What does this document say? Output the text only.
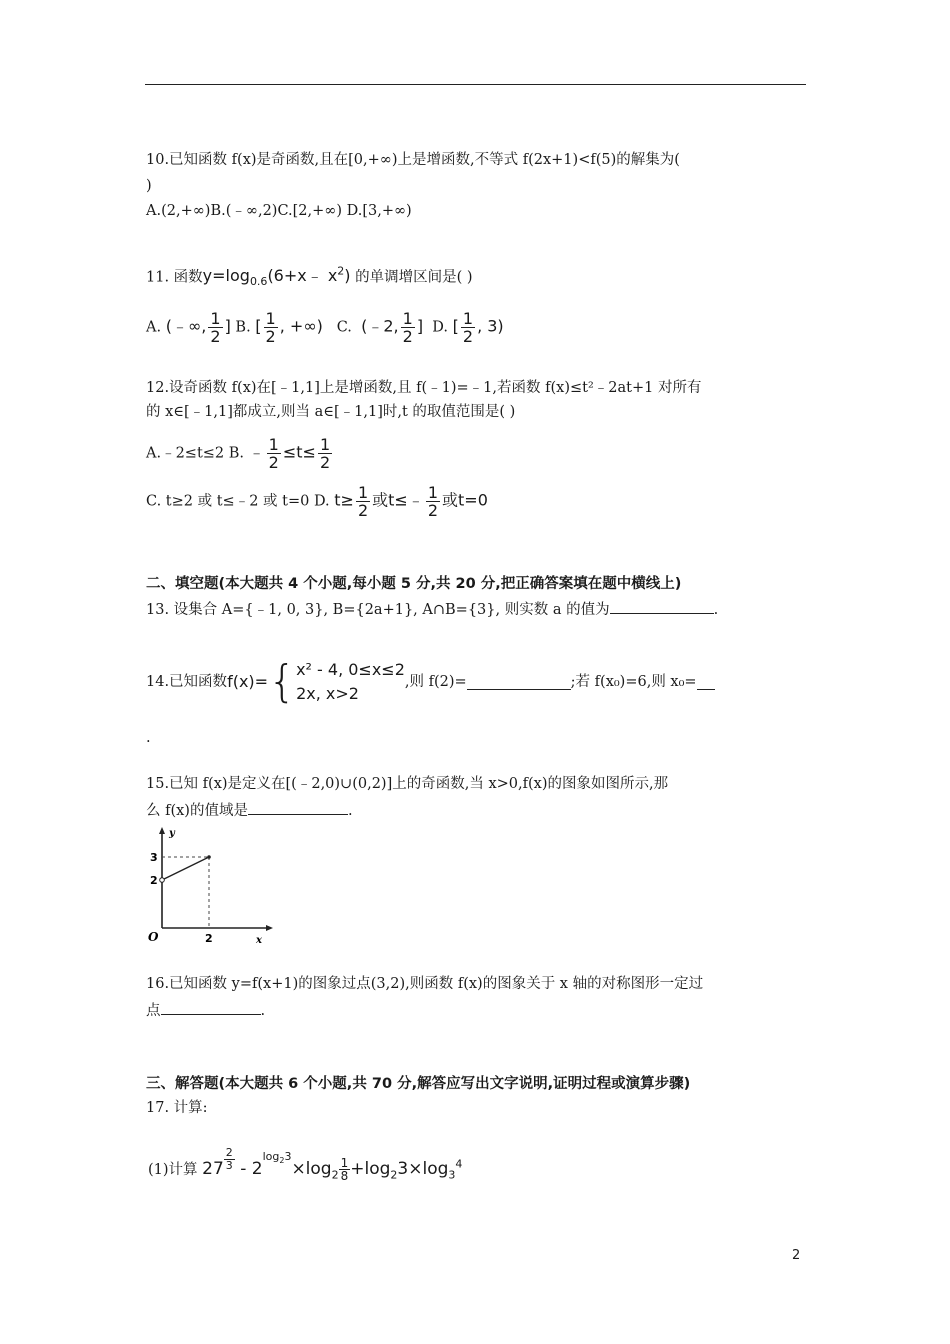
10.已知函数 f(x)是奇函数,且在[0,+∞)上是增函数,不等式 f(2x+1)<f(5)的解集为(
)
A.(2,+∞)B.(﹣∞,2)C.[2,+∞) D.[3,+∞)
11. 函数$y=\log_{0.6}(6+x﹣$ $x^2$) 的单调增区间是( )
A. (﹣∞, $\frac{1}{2}$ ] B. [ $\frac{1}{2}$ , +∞) C. (﹣2, $\frac{1}{2}$ ] D. [ $\frac{1}{2}$ , 3)
12.设奇函数 f(x)在[﹣1,1]上是增函数,且 f(﹣1)=﹣1,若函数 f(x)≤t²﹣2at+1 对所有
的 x∈[﹣1,1]都成立,则当 a∈[﹣1,1]时,t 的取值范围是( )
A.﹣2≤t≤2 B. ﹣ $\frac{1}{2} \le t\le \frac{1}{2}$
C. t≥2 或 t≤﹣2 或 t=0 D. $t\ge \frac{1}{2}$ 或t≤﹣ $\frac{1}{2}$ 或t=0
二、填空题(本大题共 4 个小题,每小题 5 分,共 20 分,把正确答案填在题中横线上)
13. 设集合 A={﹣1, 0, 3}, B={2a+1}, A∩B={3}, 则实数 a 的值为	.
14.已知函数f(x)={ x² - 4, 0≤x≤2
2x, x>2
,则 f(2)=	;若 f(x₀)=6,则 x₀=
.
15.已知 f(x)是定义在[(﹣2,0)∪(0,2)]上的奇函数,当 x>0,f(x)的图象如图所示,那
么 f(x)的值域是	.
y
x
O
3
2
2
16.已知函数 y=f(x+1)的图象过点(3,2),则函数 f(x)的图象关于 x 轴的对称图形一定过
点	.
三、解答题(本大题共 6 个小题,共 70 分,解答应写出文字说明,证明过程或演算步骤)
17. 计算:
(1)计算 $27 \frac{2}{3} - 2^{log_23}\times\log_2 \frac{1}{8} +\log_23\times\log_3^4$
2
